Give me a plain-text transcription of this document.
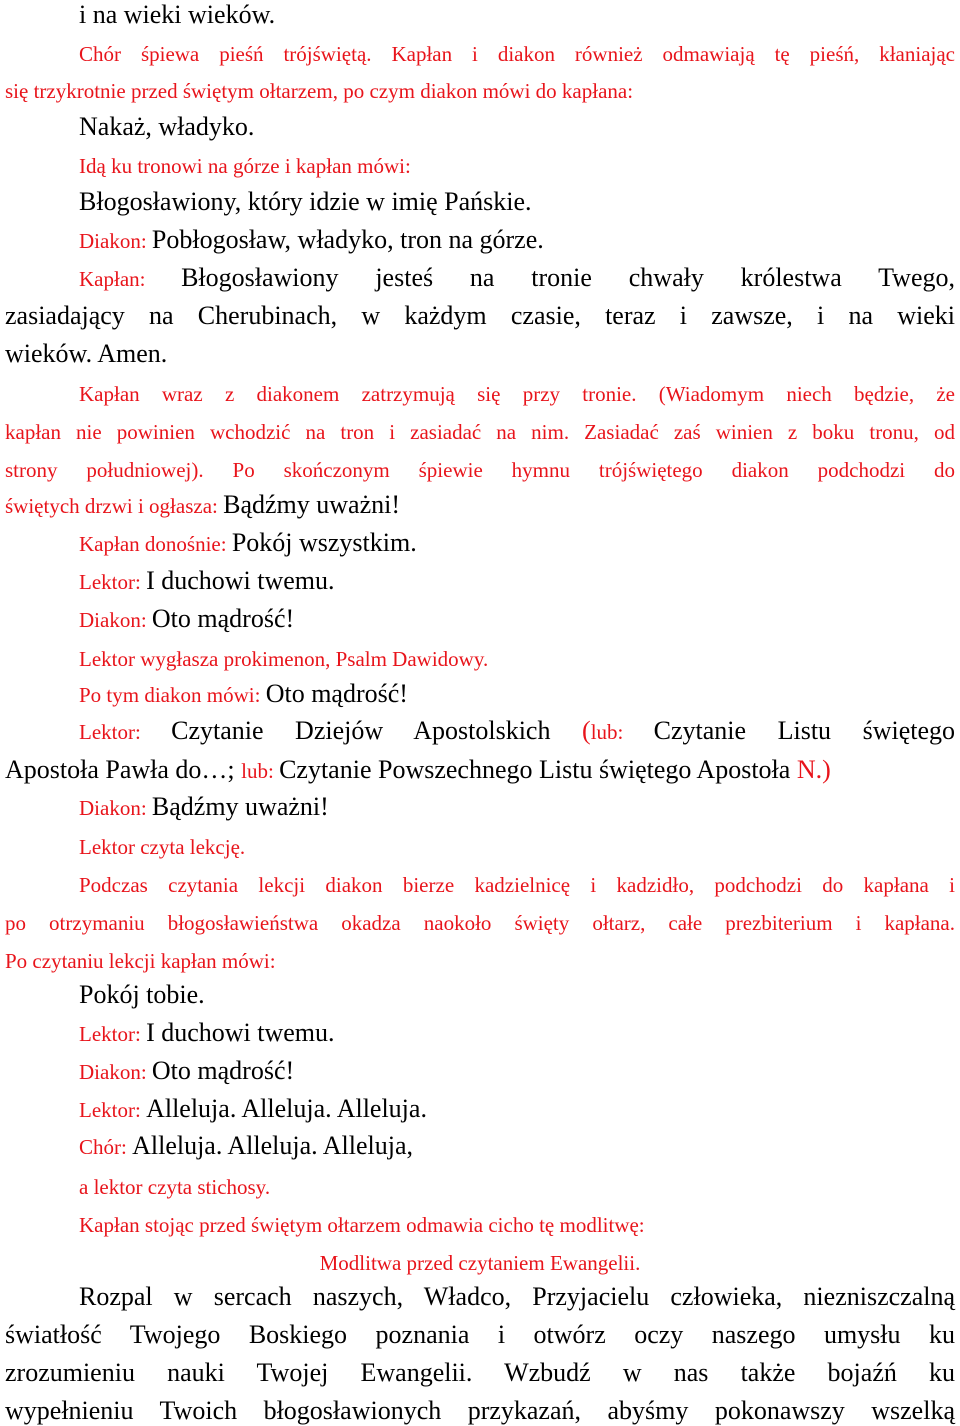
i na wieki wieków.

Chór śpiewa pieśń trójświętą. Kapłan i diakon również odmawiają tę pieśń, kłaniając

się trzykrotnie przed świętym ołtarzem, po czym diakon mówi do kapłana:

Nakaż, władyko.

Idą ku tronowi na górze i kapłan mówi:

Błogosławiony, który idzie w imię Pańskie.

Diakon: Pobłogosław, władyko, tron na górze.

Kapłan: Błogosławiony jesteś na tronie chwały królestwa Twego,

zasiadający na Cherubinach, w każdym czasie, teraz i zawsze, i na wieki

wieków. Amen.

Kapłan wraz z diakonem zatrzymują się przy tronie. (Wiadomym niech będzie, że

kapłan nie powinien wchodzić na tron i zasiadać na nim. Zasiadać zaś winien z boku tronu, od

strony południowej). Po skończonym śpiewie hymnu trójświętego diakon podchodzi do

świętych drzwi i ogłasza: Bądźmy uważni!

Kapłan donośnie: Pokój wszystkim.

Lektor: I duchowi twemu.

Diakon: Oto mądrość!

Lektor wygłasza prokimenon, Psalm Dawidowy.

Po tym diakon mówi: Oto mądrość!

Lektor: Czytanie Dziejów Apostolskich (lub: Czytanie Listu świętego

Apostoła Pawła do…; lub: Czytanie Powszechnego Listu świętego Apostoła N.)

Diakon: Bądźmy uważni!

Lektor czyta lekcję.

Podczas czytania lekcji diakon bierze kadzielnicę i kadzidło, podchodzi do kapłana i

po otrzymaniu błogosławieństwa okadza naokoło święty ołtarz, całe prezbiterium i kapłana.

Po czytaniu lekcji kapłan mówi:

Pokój tobie.

Lektor: I duchowi twemu.

Diakon: Oto mądrość!

Lektor: Alleluja. Alleluja. Alleluja.

Chór: Alleluja. Alleluja. Alleluja,

a lektor czyta stichosy.

Kapłan stojąc przed świętym ołtarzem odmawia cicho tę modlitwę:

Modlitwa przed czytaniem Ewangelii.

Rozpal w sercach naszych, Władco, Przyjacielu człowieka, niezniszczalną

światłość Twojego Boskiego poznania i otwórz oczy naszego umysłu ku

zrozumieniu nauki Twojej Ewangelii. Wzbudź w nas także bojaźń ku

wypełnieniu Twoich błogosławionych przykazań, abyśmy pokonawszy wszelką
